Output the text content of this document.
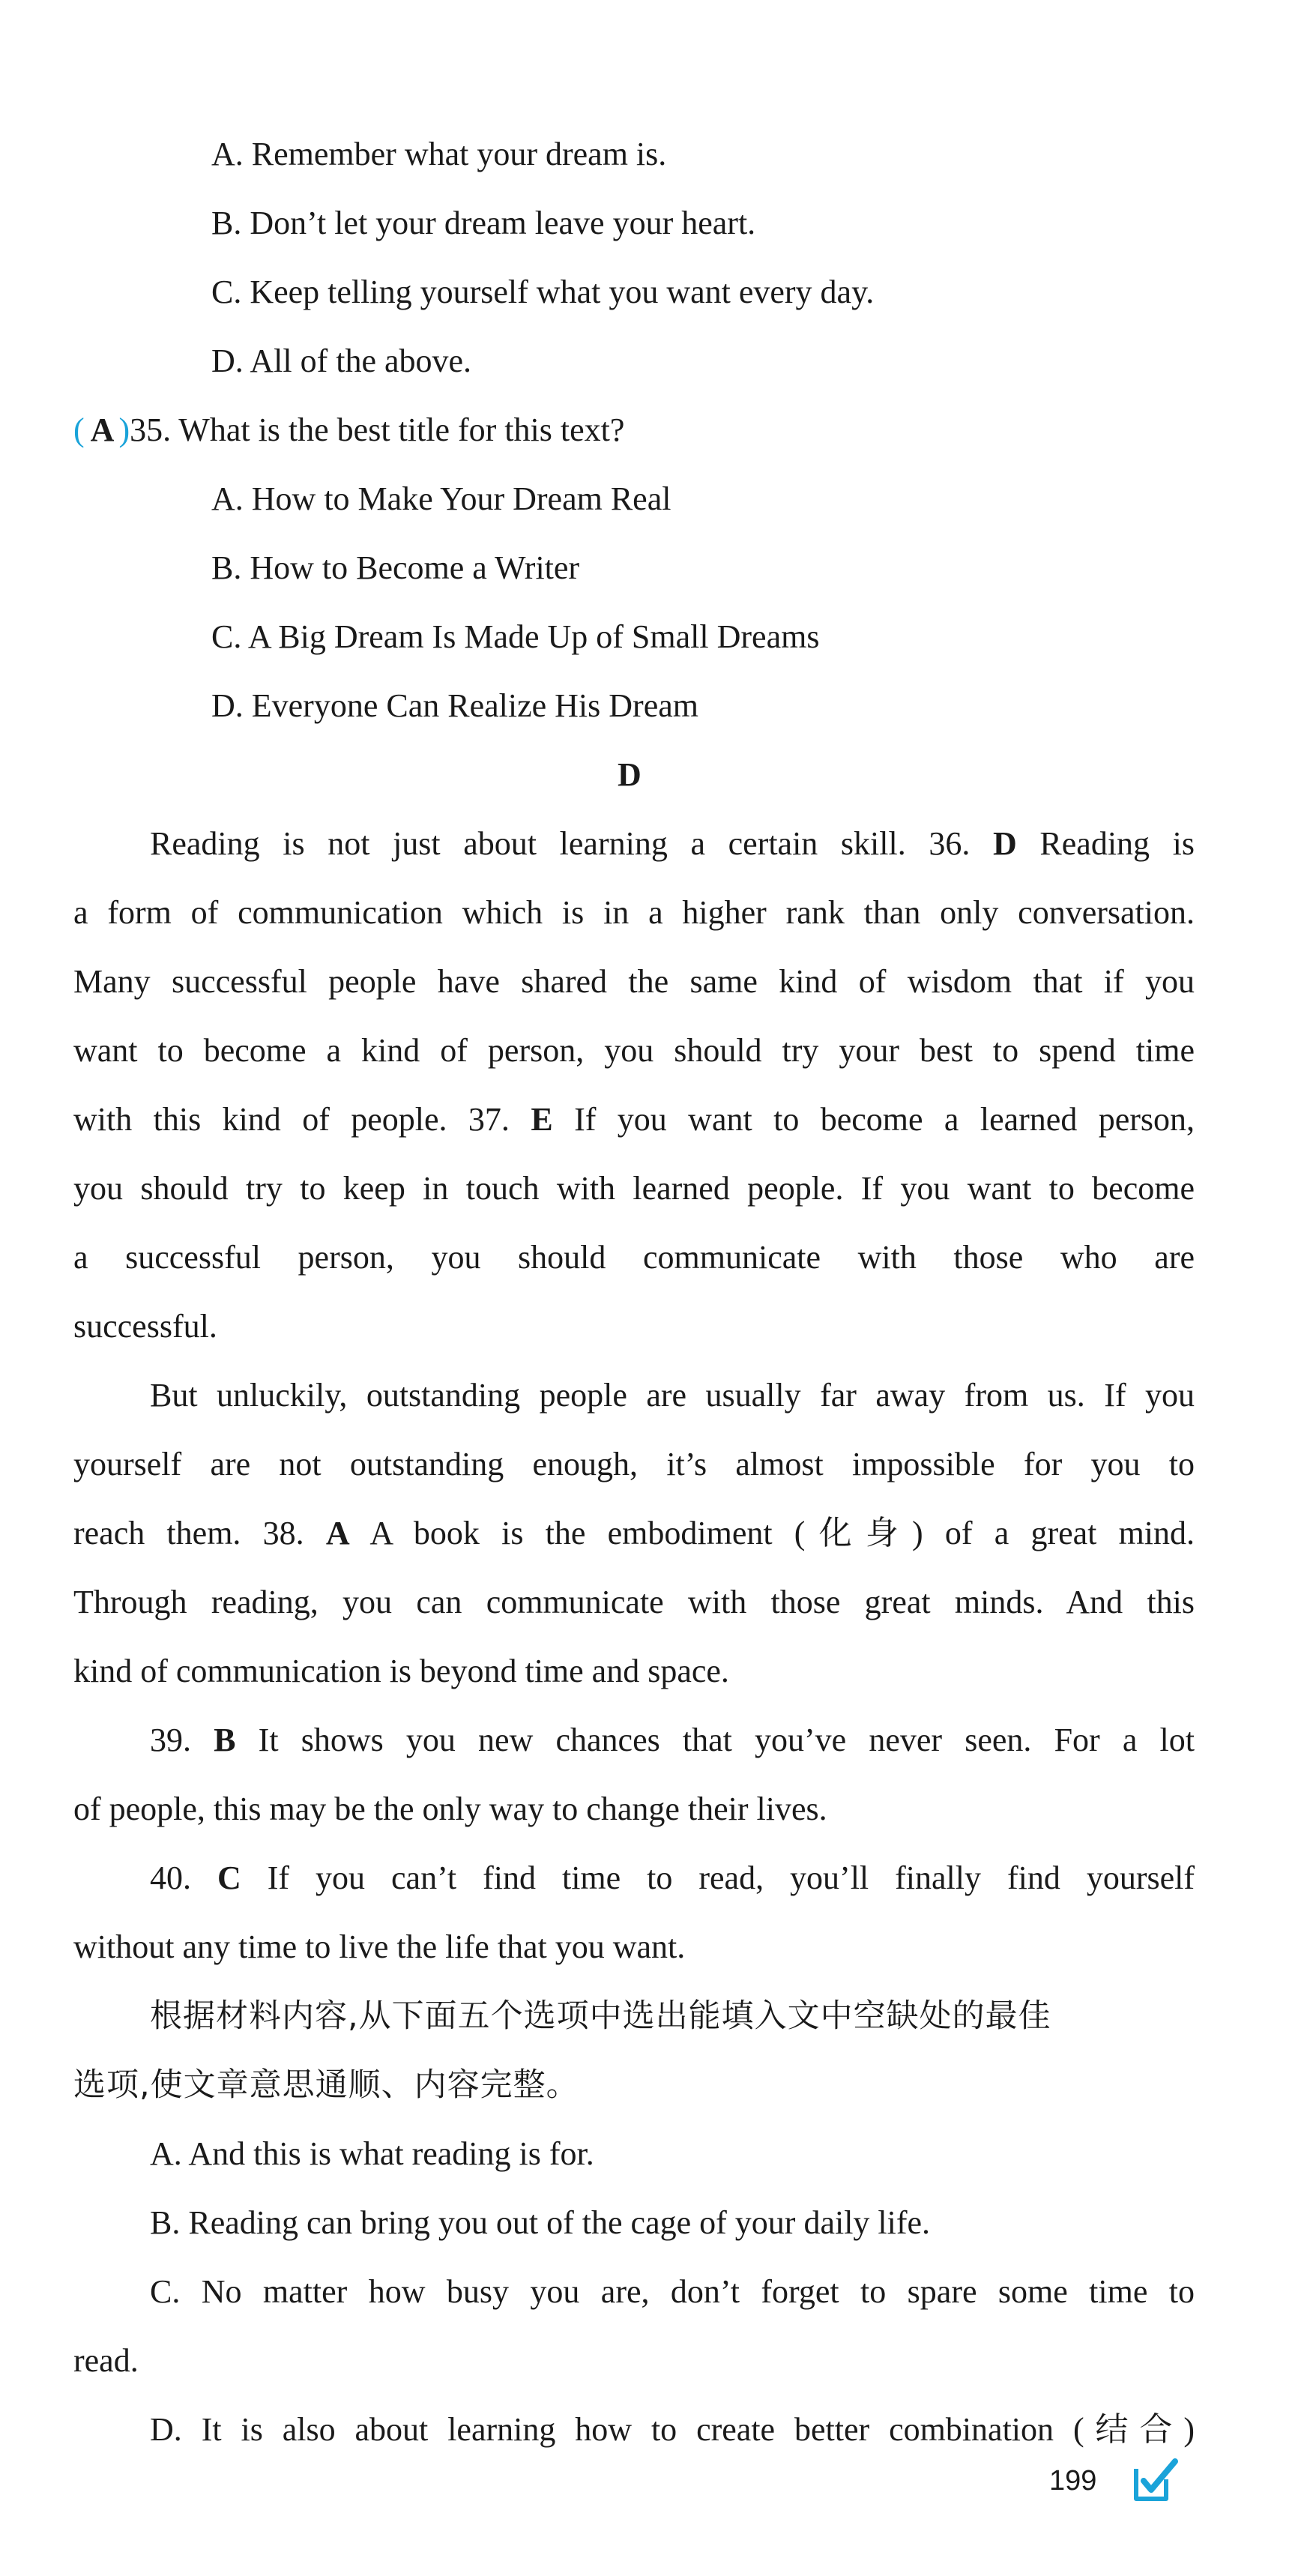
A. Remember what your dream is.
B. Don’t let your dream leave your heart.
C. Keep telling yourself what you want every day.
D. All of the above.
( A )35. What is the best title for this text?
A. How to Make Your Dream Real
B. How to Become a Writer
C. A Big Dream Is Made Up of Small Dreams
D. Everyone Can Realize His Dream
D
Reading is not just about learning a certain skill. 36. D Reading is
a form of communication which is in a higher rank than only conversation.
Many successful people have shared the same kind of wisdom that if you
want to become a kind of person, you should try your best to spend time
with this kind of people. 37. E If you want to become a learned person,
you should try to keep in touch with learned people. If you want to become
a successful person, you should communicate with those who are
successful.
But unluckily, outstanding people are usually far away from us. If you
yourself are not outstanding enough, it’s almost impossible for you to
reach them. 38. A A book is the embodiment (化身) of a great mind.
Through reading, you can communicate with those great minds. And this
kind of communication is beyond time and space.
39. B It shows you new chances that you’ve never seen. For a lot
of people, this may be the only way to change their lives.
40. C If you can’t find time to read, you’ll finally find yourself
without any time to live the life that you want.
根据材料内容,从下面五个选项中选出能填入文中空缺处的最佳
选项,使文章意思通顺、内容完整。
A. And this is what reading is for.
B. Reading can bring you out of the cage of your daily life.
C. No matter how busy you are, don’t forget to spare some time to
read.
D. It is also about learning how to create better combination (结合)
199
